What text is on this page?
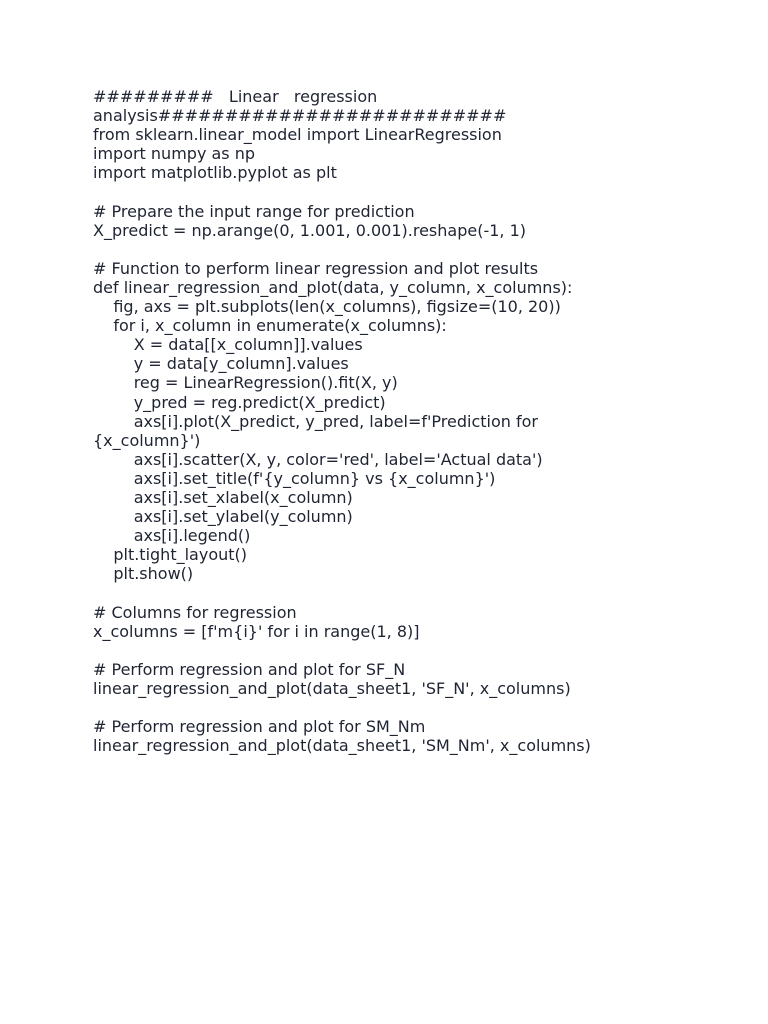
#########   Linear   regression
analysis##########################
from sklearn.linear_model import LinearRegression
import numpy as np
import matplotlib.pyplot as plt
# Prepare the input range for prediction
X_predict = np.arange(0, 1.001, 0.001).reshape(-1, 1)
# Function to perform linear regression and plot results
def linear_regression_and_plot(data, y_column, x_columns):
fig, axs = plt.subplots(len(x_columns), figsize=(10, 20))
for i, x_column in enumerate(x_columns):
X = data[[x_column]].values
y = data[y_column].values
reg = LinearRegression().fit(X, y)
y_pred = reg.predict(X_predict)
axs[i].plot(X_predict, y_pred, label=f'Prediction for
{x_column}')
axs[i].scatter(X, y, color='red', label='Actual data')
axs[i].set_title(f'{y_column} vs {x_column}')
axs[i].set_xlabel(x_column)
axs[i].set_ylabel(y_column)
axs[i].legend()
plt.tight_layout()
plt.show()
# Columns for regression
x_columns = [f'm{i}' for i in range(1, 8)]
# Perform regression and plot for SF_N
linear_regression_and_plot(data_sheet1, 'SF_N', x_columns)
# Perform regression and plot for SM_Nm
linear_regression_and_plot(data_sheet1, 'SM_Nm', x_columns)
